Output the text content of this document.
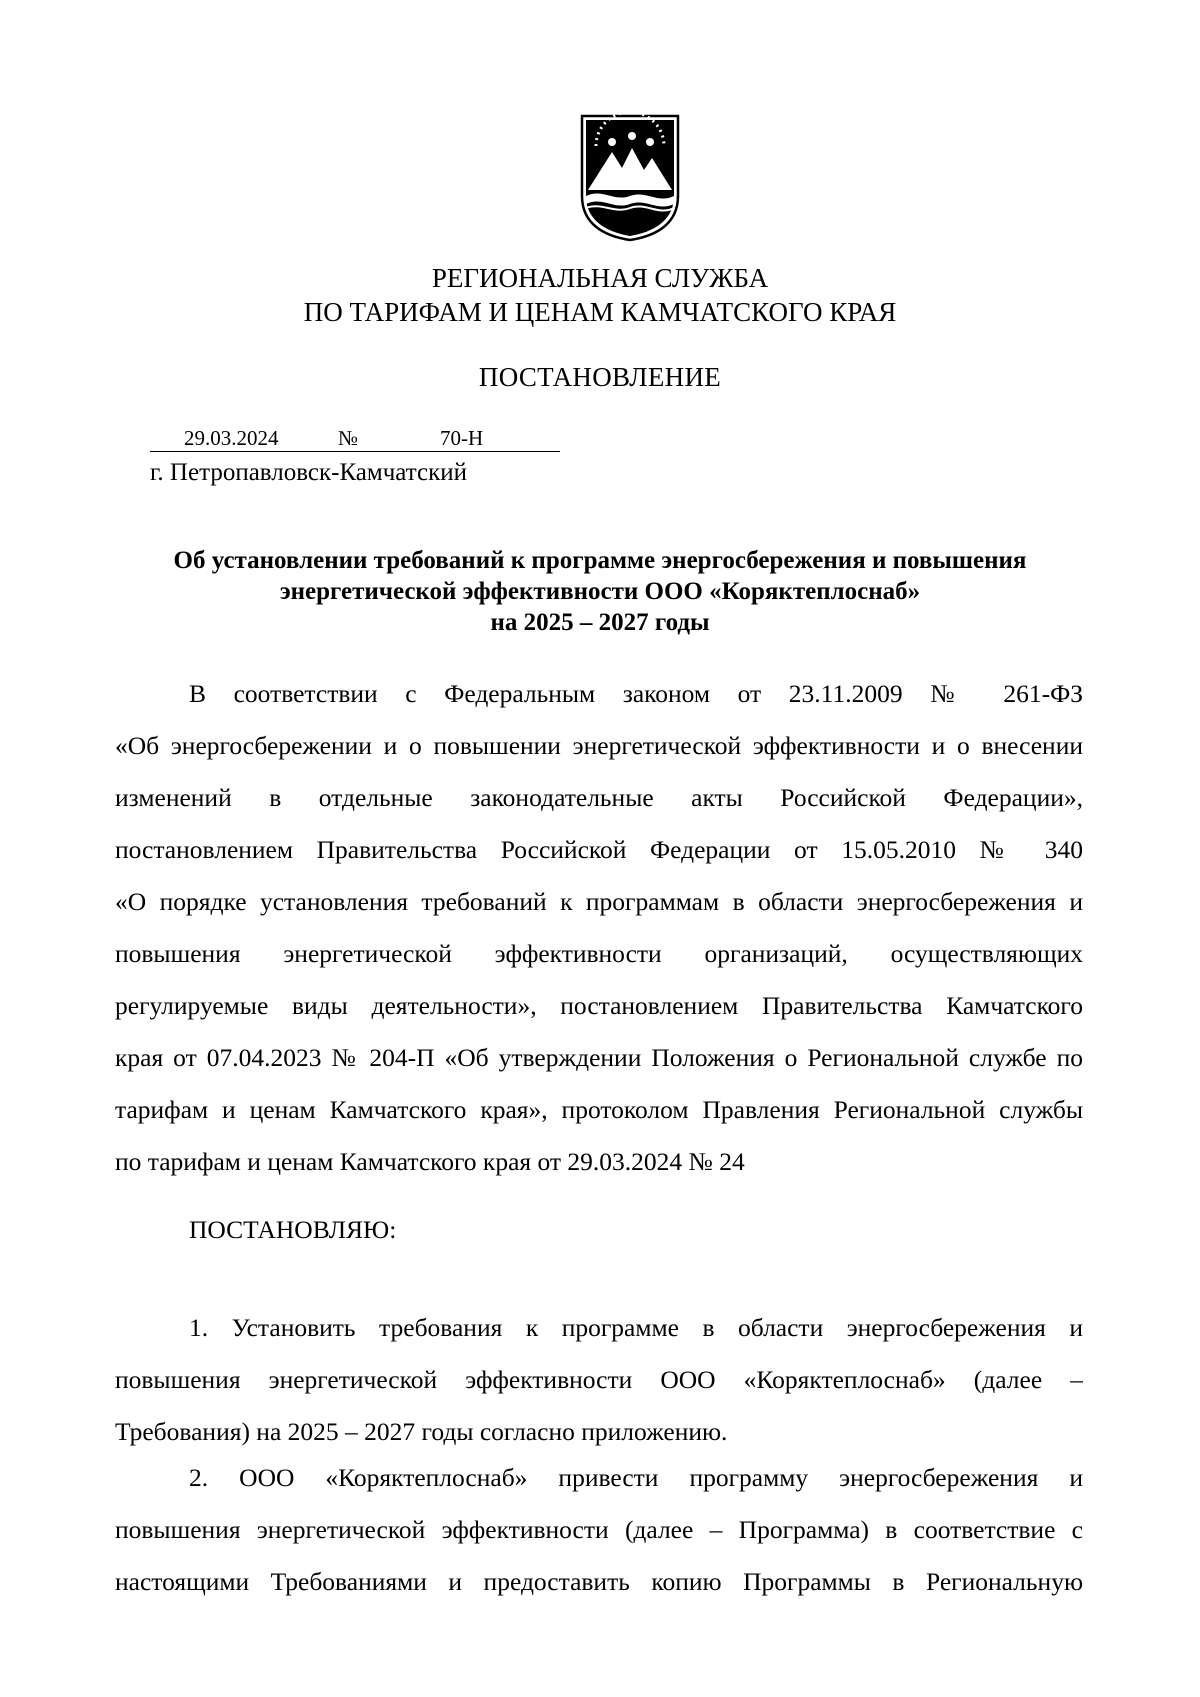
РЕГИОНАЛЬНАЯ СЛУЖБА
ПО ТАРИФАМ И ЦЕНАМ КАМЧАТСКОГО КРАЯ
ПОСТАНОВЛЕНИЕ
29.03.2024	№	70-Н
г. Петропавловск-Камчатский
Об установлении требований к программе энергосбережения и повышения
энергетической эффективности ООО «Коряктеплоснаб»
на 2025 – 2027 годы
В соответствии с Федеральным законом от 23.11.2009 № 261-ФЗ
«Об энергосбережении и о повышении энергетической эффективности и о внесении
изменений в отдельные законодательные акты Российской Федерации»,
постановлением Правительства Российской Федерации от 15.05.2010 № 340
«О порядке установления требований к программам в области энергосбережения и
повышения энергетической эффективности организаций, осуществляющих
регулируемые виды деятельности», постановлением Правительства Камчатского
края от 07.04.2023 № 204-П «Об утверждении Положения о Региональной службе по
тарифам и ценам Камчатского края», протоколом Правления Региональной службы
по тарифам и ценам Камчатского края от 29.03.2024 № 24
ПОСТАНОВЛЯЮ:
1. Установить требования к программе в области энергосбережения и
повышения энергетической эффективности ООО «Коряктеплоснаб» (далее –
Требования) на 2025 – 2027 годы согласно приложению.
2. ООО «Коряктеплоснаб» привести программу энергосбережения и
повышения энергетической эффективности (далее – Программа) в соответствие с
настоящими Требованиями и предоставить копию Программы в Региональную
